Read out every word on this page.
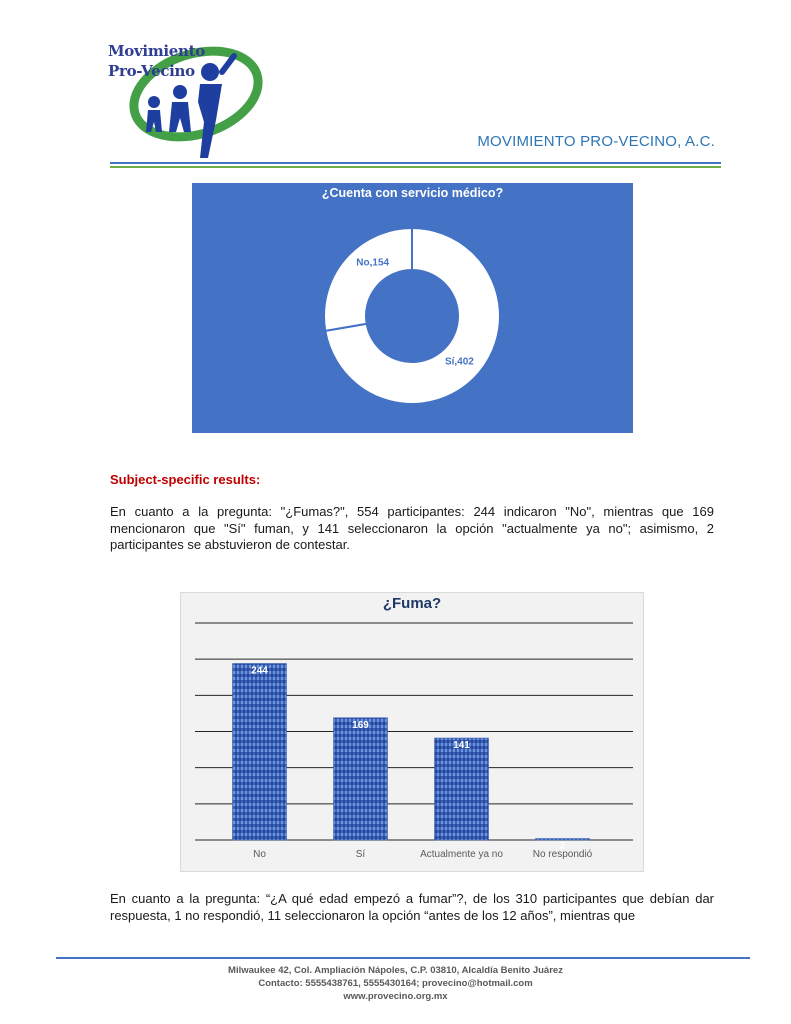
Movimiento
Pro-Vecino
MOVIMIENTO PRO-VECINO, A.C.
No,154
Sí,402
¿Cuenta con servicio médico?
Subject-specific results:
En cuanto a la pregunta: "¿Fumas?", 554 participantes: 244 indicaron "No", mientras que 169 mencionaron que "Sí" fuman, y 141 seleccionaron la opción "actualmente ya no"; asimismo, 2 participantes se abstuvieron de contestar.
244
No
169
Sí
141
Actualmente ya no
2
No respondió
¿Fuma?
En cuanto a la pregunta: “¿A qué edad empezó a fumar”?, de los 310 participantes que debían dar respuesta, 1 no respondió, 11 seleccionaron la opción “antes de los 12 años”, mientras que
Milwaukee 42, Col. Ampliación Nápoles, C.P. 03810, Alcaldía Benito Juárez
Contacto: 5555438761, 5555430164; provecino@hotmail.com
www.provecino.org.mx
